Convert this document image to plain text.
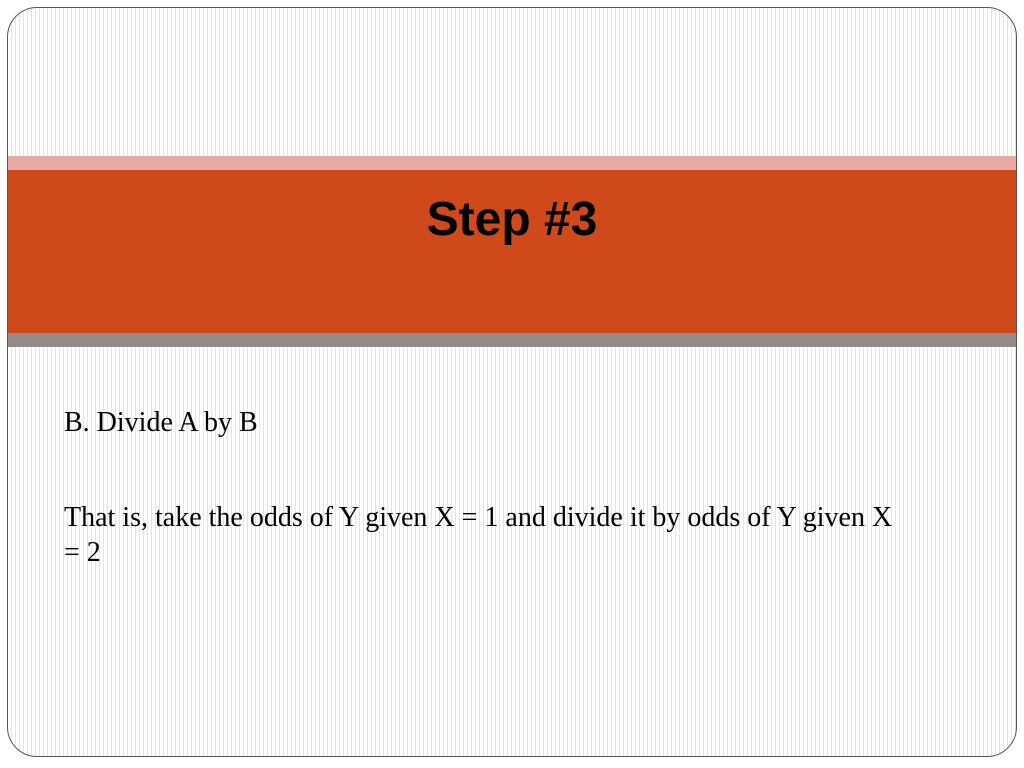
Step #3

B. Divide A by B

That is, take the odds of Y given X = 1 and divide it by odds of Y given X = 2
